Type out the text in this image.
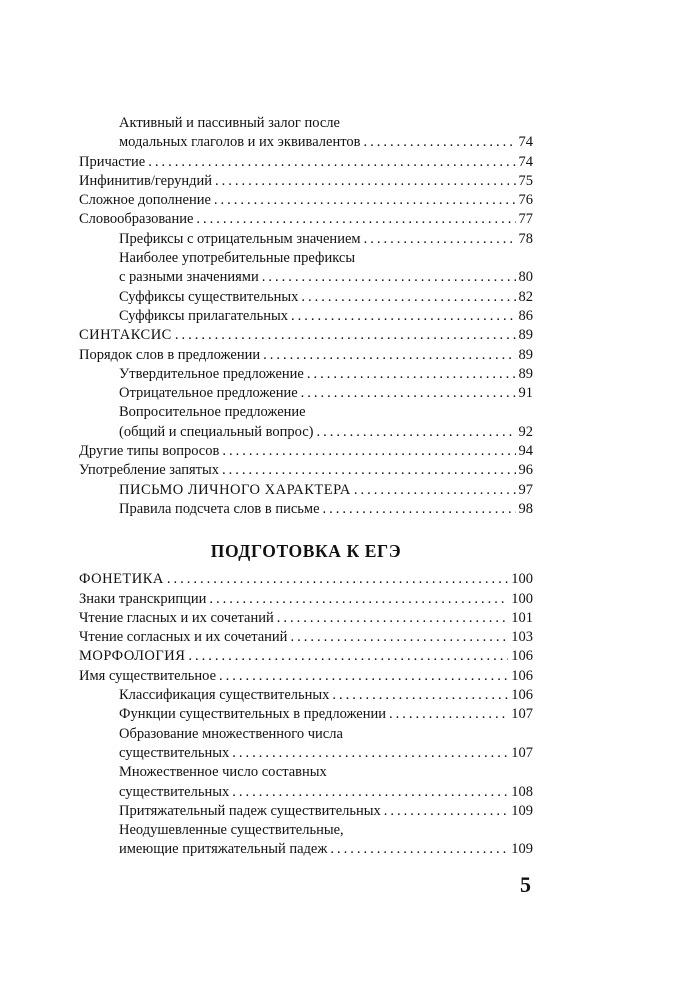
Активный и пассивный залог после
модальных глаголов и их эквивалентов .....	74
Причастие .....	74
Инфинитив/герундий .....	75
Сложное дополнение .....	76
Словообразование .....	77
Префиксы с отрицательным значением .....	78
Наиболее употребительные префиксы
с разными значениями .....	80
Суффиксы существительных .....	82
Суффиксы прилагательных .....	86
СИНТАКСИС .....	89
Порядок слов в предложении .....	89
Утвердительное предложение .....	89
Отрицательное предложение .....	91
Вопросительное предложение
(общий и специальный вопрос) .....	92
Другие типы вопросов .....	94
Употребление запятых .....	96
ПИСЬМО ЛИЧНОГО ХАРАКТЕРА .....	97
Правила подсчета слов в письме .....	98
ПОДГОТОВКА К ЕГЭ
ФОНЕТИКА .....	100
Знаки транскрипции .....	100
Чтение гласных и их сочетаний .....	101
Чтение согласных и их сочетаний .....	103
МОРФОЛОГИЯ .....	106
Имя существительное .....	106
Классификация существительных .....	106
Функции существительных в предложении .....	107
Образование множественного числа
существительных .....	107
Множественное число составных
существительных .....	108
Притяжательный падеж существительных .....	109
Неодушевленные существительные,
имеющие притяжательный падеж .....	109
5
